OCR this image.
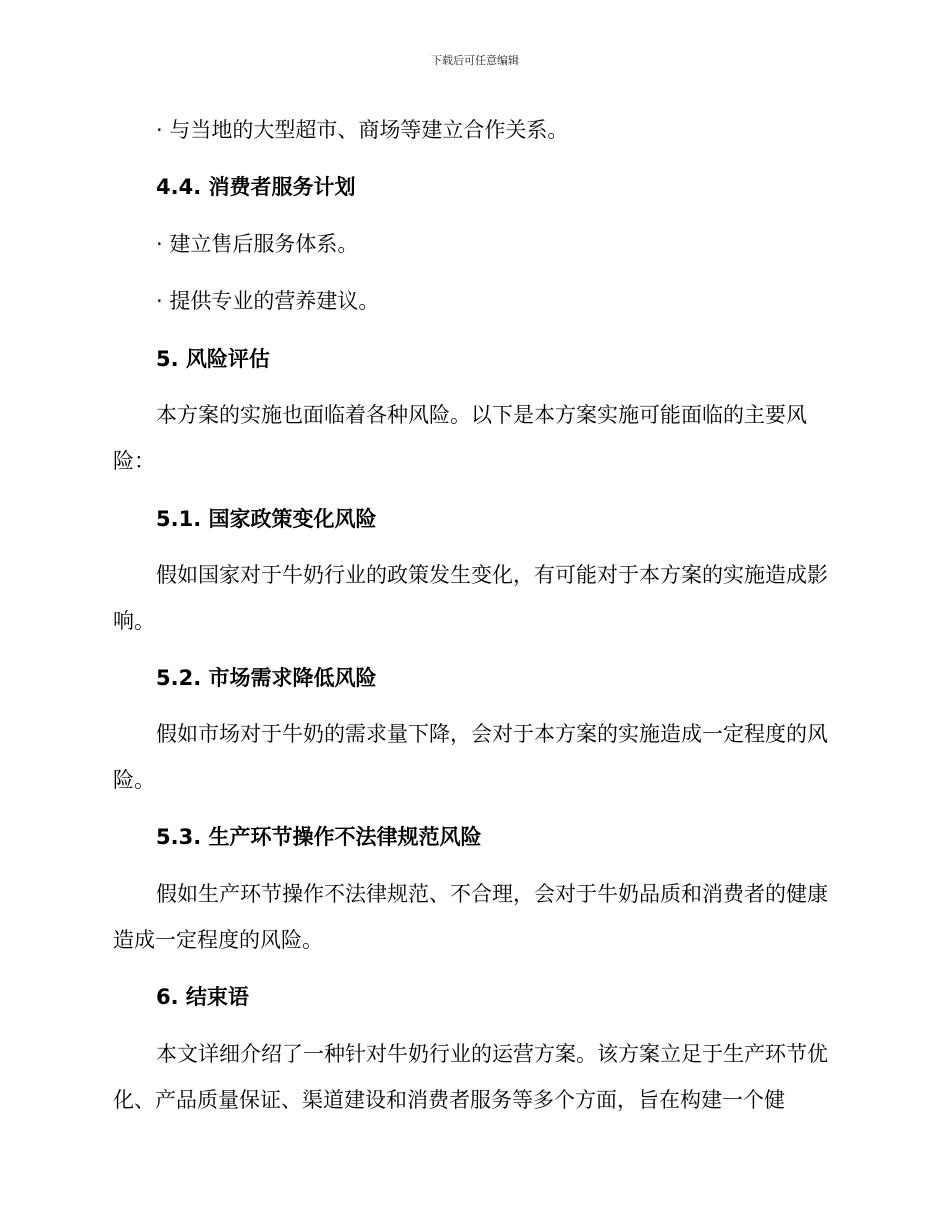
下载后可任意编辑
· 与当地的大型超市、商场等建立合作关系。
4.4. 消费者服务计划
· 建立售后服务体系。
· 提供专业的营养建议。
5. 风险评估

本方案的实施也面临着各种风险。以下是本方案实施可能面临的主要风险：

5.1. 国家政策变化风险

假如国家对于牛奶行业的政策发生变化，有可能对于本方案的实施造成影响。

5.2. 市场需求降低风险

假如市场对于牛奶的需求量下降，会对于本方案的实施造成一定程度的风险。

5.3. 生产环节操作不法律规范风险

假如生产环节操作不法律规范、不合理，会对于牛奶品质和消费者的健康造成一定程度的风险。

6. 结束语

本文详细介绍了一种针对牛奶行业的运营方案。该方案立足于生产环节优化、产品质量保证、渠道建设和消费者服务等多个方面，旨在构建一个健
